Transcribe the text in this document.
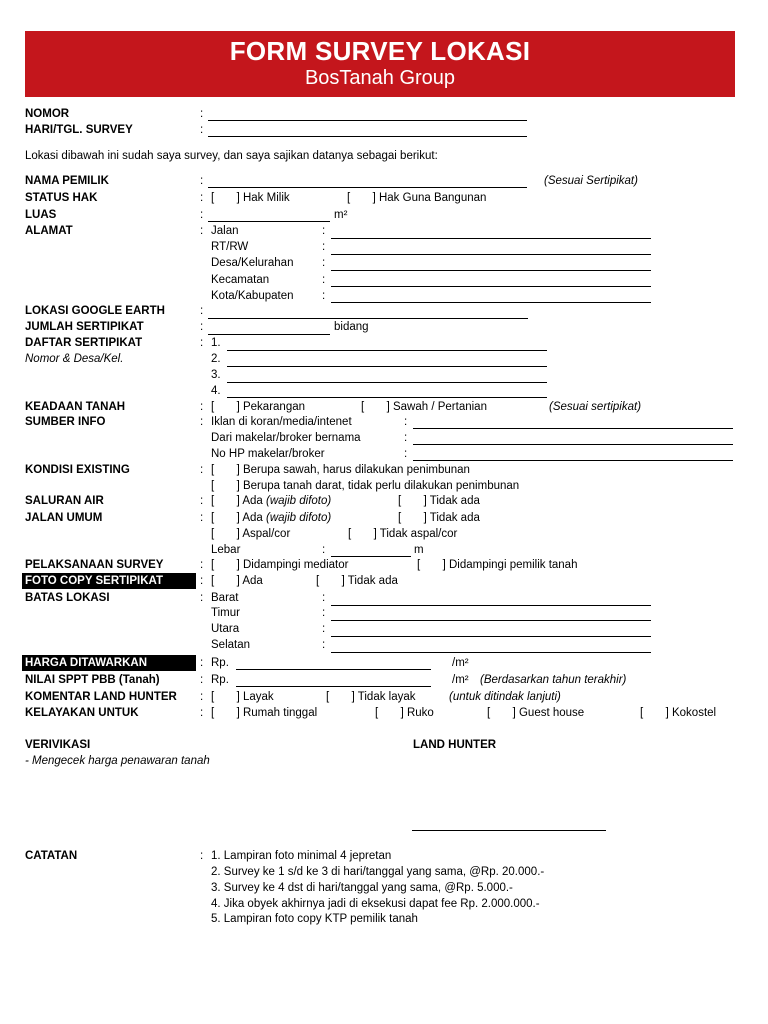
FORM SURVEY LOKASI
BosTanah Group
NOMOR	:
HARI/TGL. SURVEY	:
Lokasi dibawah ini sudah saya survey, dan saya sajikan datanya sebagai berikut:
NAMA PEMILIK	:	(Sesuai Sertipikat)
STATUS HAK	: [ ] Hak Milik	[ ] Hak Guna Bangunan
LUAS	:	m²
ALAMAT	: Jalan	:
RT/RW	:
Desa/Kelurahan :
Kecamatan	:
Kota/Kabupaten :
LOKASI GOOGLE EARTH	:
JUMLAH SERTIPIKAT	:	bidang
DAFTAR SERTIPIKAT
Nomor & Desa/Kel.
: 1.
2.
3.
4.
KEADAAN TANAH	: [ ] Pekarangan	[ ] Sawah / Pertanian	(Sesuai sertipikat)
SUMBER INFO	: Iklan di koran/media/intenet	:
Dari makelar/broker bernama	:
No HP makelar/broker	:
KONDISI EXISTING	: [ ] Berupa sawah, harus dilakukan penimbunan
[ ] Berupa tanah darat, tidak perlu dilakukan penimbunan
SALURAN AIR	: [ ] Ada (wajib difoto)	[ ] Tidak ada
JALAN UMUM	: [ ] Ada (wajib difoto)	[ ] Tidak ada
[ ] Aspal/cor	[ ] Tidak aspal/cor
Lebar	:	m
PELAKSANAAN SURVEY	: [ ] Didampingi mediator	[ ] Didampingi pemilik tanah
FOTO COPY SERTIPIKAT	: [ ] Ada	[ ] Tidak ada
BATAS LOKASI	: Barat	:
Timur	:
Utara	:
Selatan	:
HARGA DITAWARKAN	: Rp.	/m²
NILAI SPPT PBB (Tanah)	: Rp.	/m² (Berdasarkan tahun terakhir)
KOMENTAR LAND HUNTER : [ ] Layak	[ ] Tidak layak	(untuk ditindak lanjuti)
KELAYAKAN UNTUK	: [ ] Rumah tinggal	[ ] Ruko	[ ] Guest house	[ ] Kokostel
VERIVIKASI	LAND HUNTER
- Mengecek harga penawaran tanah
CATATAN	: 1. Lampiran foto minimal 4 jepretan
2. Survey ke 1 s/d ke 3 di hari/tanggal yang sama, @Rp. 20.000.-
3. Survey ke 4 dst di hari/tanggal yang sama, @Rp. 5.000.-
4. Jika obyek akhirnya jadi di eksekusi dapat fee Rp. 2.000.000.-
5. Lampiran foto copy KTP pemilik tanah
